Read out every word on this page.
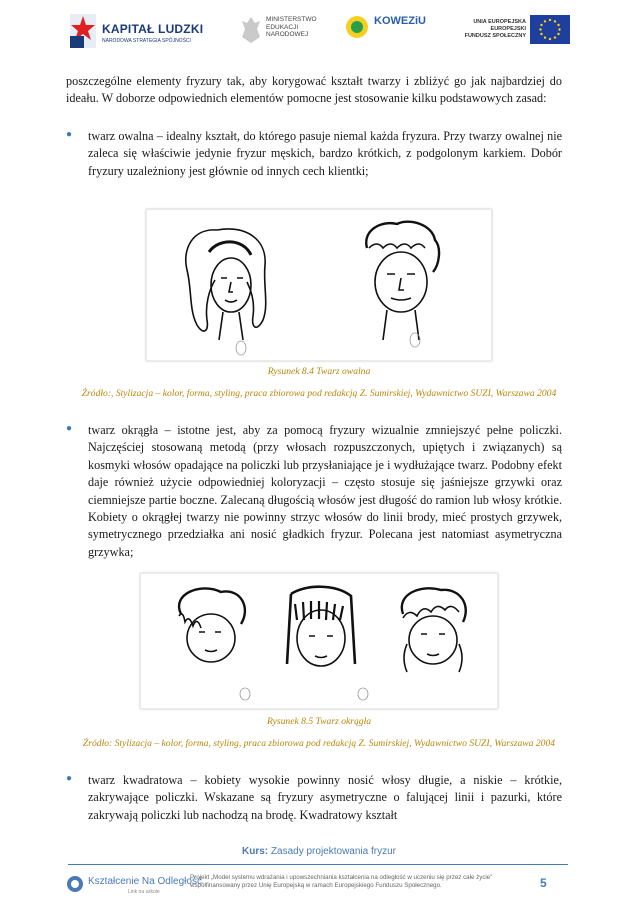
KAPITAŁ LUDZKI
NARODOWA STRATEGIA SPÓJNOŚCI
MINISTERSTWO
EDUKACJI
NARODOWEJ
KOWEZiU	UNIA EUROPEJSKA
EUROPEJSKI
FUNDUSZ SPOŁECZNY

poszczególne elementy fryzury tak, aby korygować kształt twarzy i zbliżyć go jak najbardziej do ideału. W doborze odpowiednich elementów pomocne jest stosowanie kilku podstawowych zasad:

● twarz owalna – idealny kształt, do którego pasuje niemal każda fryzura. Przy twarzy owalnej nie zaleca się właściwie jedynie fryzur męskich, bardzo krótkich, z podgolonym karkiem. Dobór fryzury uzależniony jest głównie od innych cech klientki;

Rysunek 8.4 Twarz owalna

Źródło:, Stylizacja – kolor, forma, styling, praca zbiorowa pod redakcją Z. Sumirskiej, Wydawnictwo SUZI, Warszawa 2004

● twarz okrągła – istotne jest, aby za pomocą fryzury wizualnie zmniejszyć pełne policzki. Najczęściej stosowaną metodą (przy włosach rozpuszczonych, upiętych i związanych) są kosmyki włosów opadające na policzki lub przysłaniające je i wydłużające twarz. Podobny efekt daje również użycie odpowiedniej koloryzacji – często stosuje się jaśniejsze grzywki oraz ciemniejsze partie boczne. Zalecaną długością włosów jest długość do ramion lub włosy krótkie. Kobiety o okrągłej twarzy nie powinny strzyc włosów do linii brody, mieć prostych grzywek, symetrycznego przedziałka ani nosić gładkich fryzur. Polecana jest natomiast asymetryczna grzywka;

Rysunek 8.5 Twarz okrągła

Źródło: Stylizacja – kolor, forma, styling, praca zbiorowa pod redakcją Z. Sumirskiej, Wydawnictwo SUZI, Warszawa 2004

● twarz kwadratowa – kobiety wysokie powinny nosić włosy długie, a niskie – krótkie, zakrywające policzki. Wskazane są fryzury asymetryczne o falującej linii i pazurki, które zakrywają policzki lub nachodzą na brodę. Kwadratowy kształt

Kurs: Zasady projektowania fryzur
Kształcenie Na Odległość
Link na szkole
Projekt „Model systemu wdrażania i upowszechniania kształcenia na odległość w uczeniu się przez całe życie” współfinansowany przez Unię Europejską w ramach Europejskiego Funduszu Społecznego.	5
